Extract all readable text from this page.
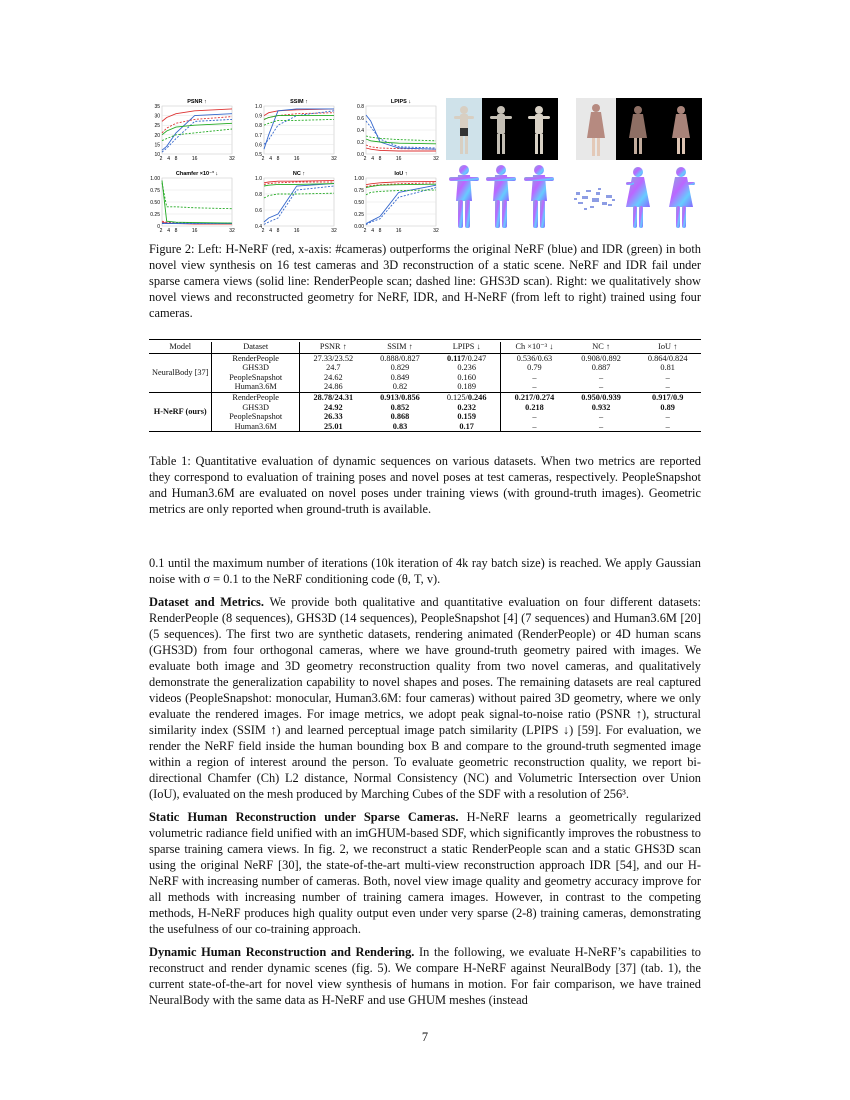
PSNR ↑
35
30
25
20
15
10
2 4 8	16	32
SSIM ↑
1.0
0.9
0.8
0.7
0.6
0.5
2 4 8	16	32
LPIPS ↓
0.8
0.6
0.4
0.2
0.0
2 4 8	16	32
Chamfer ×10⁻³ ↓
1.00
0.75
0.50
0.25
0
2 4 8	16	32
NC ↑
1.0
0.8
0.6
0.4
2 4 8	16	32
IoU ↑
1.00
0.75
0.50
0.25
0.00
2 4 8	16	32
Figure 2: Left: H-NeRF (red, x-axis: #cameras) outperforms the original NeRF (blue) and IDR (green) in both novel view synthesis on 16 test cameras and 3D reconstruction of a static scene. NeRF and IDR fail under sparse camera views (solid line: RenderPeople scan; dashed line: GHS3D scan). Right: we qualitatively show novel views and reconstructed geometry for NeRF, IDR, and H-NeRF (from left to right) trained using four cameras.
Model	Dataset	PSNR ↑	SSIM ↑	LPIPS ↓	Ch ×10⁻³ ↓	NC ↑	IoU ↑
NeuralBody [37]	RenderPeople	27.33/23.52	0.888/0.827	0.117/0.247	0.536/0.63	0.908/0.892	0.864/0.824
	GHS3D	24.7	0.829	0.236	0.79	0.887	0.81
	PeopleSnapshot	24.62	0.849	0.160	–	–	–
	Human3.6M	24.86	0.82	0.189	–	–	–
H-NeRF (ours)	RenderPeople	28.78/24.31	0.913/0.856	0.125/0.246	0.217/0.274	0.950/0.939	0.917/0.9
	GHS3D	24.92	0.852	0.232	0.218	0.932	0.89
	PeopleSnapshot	26.33	0.868	0.159	–	–	–
	Human3.6M	25.01	0.83	0.17	–	–	–
Table 1: Quantitative evaluation of dynamic sequences on various datasets. When two metrics are reported they correspond to evaluation of training poses and novel poses at test cameras, respectively. PeopleSnapshot and Human3.6M are evaluated on novel poses under training views (with ground-truth images). Geometric metrics are only reported when ground-truth is available.

0.1 until the maximum number of iterations (10k iteration of 4k ray batch size) is reached. We apply Gaussian noise with σ = 0.1 to the NeRF conditioning code (θ, T, v).

Dataset and Metrics. We provide both qualitative and quantitative evaluation on four different datasets: RenderPeople (8 sequences), GHS3D (14 sequences), PeopleSnapshot [4] (7 sequences) and Human3.6M [20] (5 sequences). The first two are synthetic datasets, rendering animated (RenderPeople) or 4D human scans (GHS3D) from four orthogonal cameras, where we have ground-truth geometry paired with images. We evaluate both image and 3D geometry reconstruction quality from two novel cameras, and qualitatively demonstrate the generalization capability to novel shapes and poses. The remaining datasets are real captured videos (PeopleSnapshot: monocular, Human3.6M: four cameras) without paired 3D geometry, where we only evaluate the rendered images. For image metrics, we adopt peak signal-to-noise ratio (PSNR ↑), structural similarity index (SSIM ↑) and learned perceptual image patch similarity (LPIPS ↓) [59]. For evaluation, we render the NeRF field inside the human bounding box B and compare to the ground-truth segmented image within a region of interest around the person. To evaluate geometric reconstruction quality, we report bi-directional Chamfer (Ch) L2 distance, Normal Consistency (NC) and Volumetric Intersection over Union (IoU), evaluated on the mesh produced by Marching Cubes of the SDF with a resolution of 256³.

Static Human Reconstruction under Sparse Cameras. H-NeRF learns a geometrically regularized volumetric radiance field unified with an imGHUM-based SDF, which significantly improves the robustness to sparse training camera views. In fig. 2, we reconstruct a static RenderPeople scan and a static GHS3D scan using the original NeRF [30], the state-of-the-art multi-view reconstruction approach IDR [54], and our H-NeRF with increasing number of cameras. Both, novel view image quality and geometry accuracy improve for all methods with increasing number of training camera images. However, in contrast to the competing methods, H-NeRF produces high quality output even under very sparse (2-8) training cameras, demonstrating the usefulness of our co-training approach.

Dynamic Human Reconstruction and Rendering. In the following, we evaluate H-NeRF’s capabilities to reconstruct and render dynamic scenes (fig. 5). We compare H-NeRF against NeuralBody [37] (tab. 1), the current state-of-the-art for novel view synthesis of humans in motion. For fair comparison, we have trained NeuralBody with the same data as H-NeRF and use GHUM meshes (instead

7
